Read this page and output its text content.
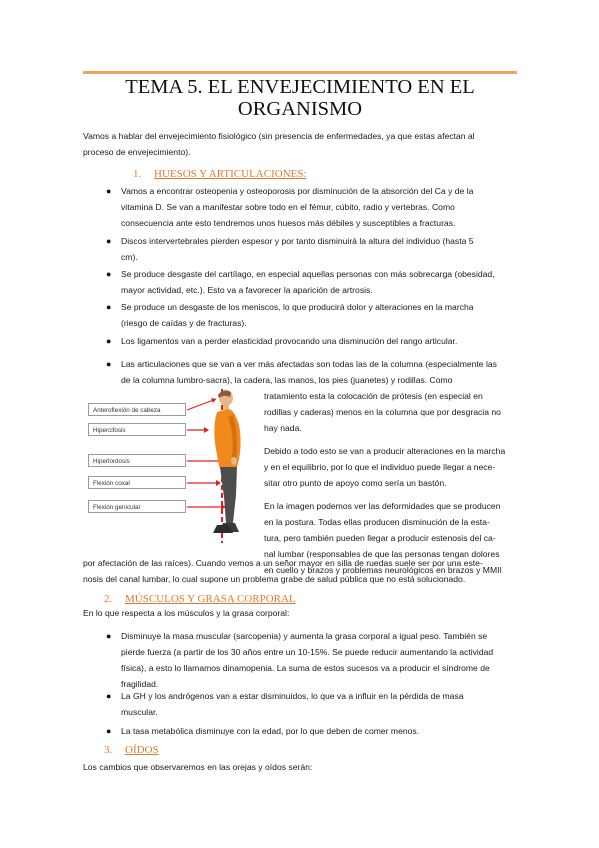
TEMA 5. EL ENVEJECIMIENTO EN EL
ORGANISMO
Vamos a hablar del envejecimiento fisiológico (sin presencia de enfermedades, ya que estas afectan al
proceso de envejecimiento).
1. HUESOS Y ARTICULACIONES:
● Vamos a encontrar osteopenia y osteoporosis por disminución de la absorción del Ca y de la
vitamina D. Se van a manifestar sobre todo en el fémur, cúbito, radio y vertebras. Como
consecuencia ante esto tendremos unos huesos más débiles y susceptibles a fracturas.
● Discos intervertebrales pierden espesor y por tanto disminuirá la altura del individuo (hasta 5
cm).
● Se produce desgaste del cartílago, en especial aquellas personas con más sobrecarga (obesidad,
mayor actividad, etc.). Esto va a favorecer la aparición de artrosis.
● Se produce un desgaste de los meniscos, lo que producirá dolor y alteraciones en la marcha
(riesgo de caídas y de fracturas).
● Los ligamentos van a perder elasticidad provocando una disminución del rango articular.
● Las articulaciones que se van a ver más afectadas son todas las de la columna (especialmente las
de la columna lumbro-sacra), la cadera, las manos, los pies (juanetes) y rodillas. Como
tratamiento esta la colocación de prótesis (en especial en
rodillas y caderas) menos en la columna que por desgracia no
hay nada.
Debido a todo esto se van a producir alteraciones en la marcha
y en el equilibrio, por lo que el individuo puede llegar a nece-
sitar otro punto de apoyo como sería un bastón.
En la imagen podemos ver las deformidades que se producen
en la postura. Todas ellas producen disminución de la esta-
tura, pero también pueden llegar a producir estenosis del ca-
nal lumbar (responsables de que las personas tengan dolores
en cuello y brazos y problemas neurológicos en brazos y MMII
por afectación de las raíces). Cuando vemos a un señor mayor en silla de ruedas suele ser por una este-
nosis del canal lumbar, lo cual supone un problema grabe de salud pública que no está solucionado.
Anteroflexión de cabeza
Hipercifosis
Hiperlordosis
Flexión coxal
Flexión genicular
2. MÚSCULOS Y GRASA CORPORAL
En lo que respecta a los músculos y la grasa corporal:
● Disminuye la masa muscular (sarcopenia) y aumenta la grasa corporal a igual peso. También se
pierde fuerza (a partir de los 30 años entre un 10-15%. Se puede reducir aumentando la actividad
física), a esto lo llamamos dinamopenia. La suma de estos sucesos va a producir el síndrome de
fragilidad.
● La GH y los andrógenos van a estar disminuidos, lo que va a influir en la pérdida de masa
muscular.
● La tasa metabólica disminuye con la edad, por lo que deben de comer menos.
3. OÍDOS
Los cambios que observaremos en las orejas y oídos serán:
